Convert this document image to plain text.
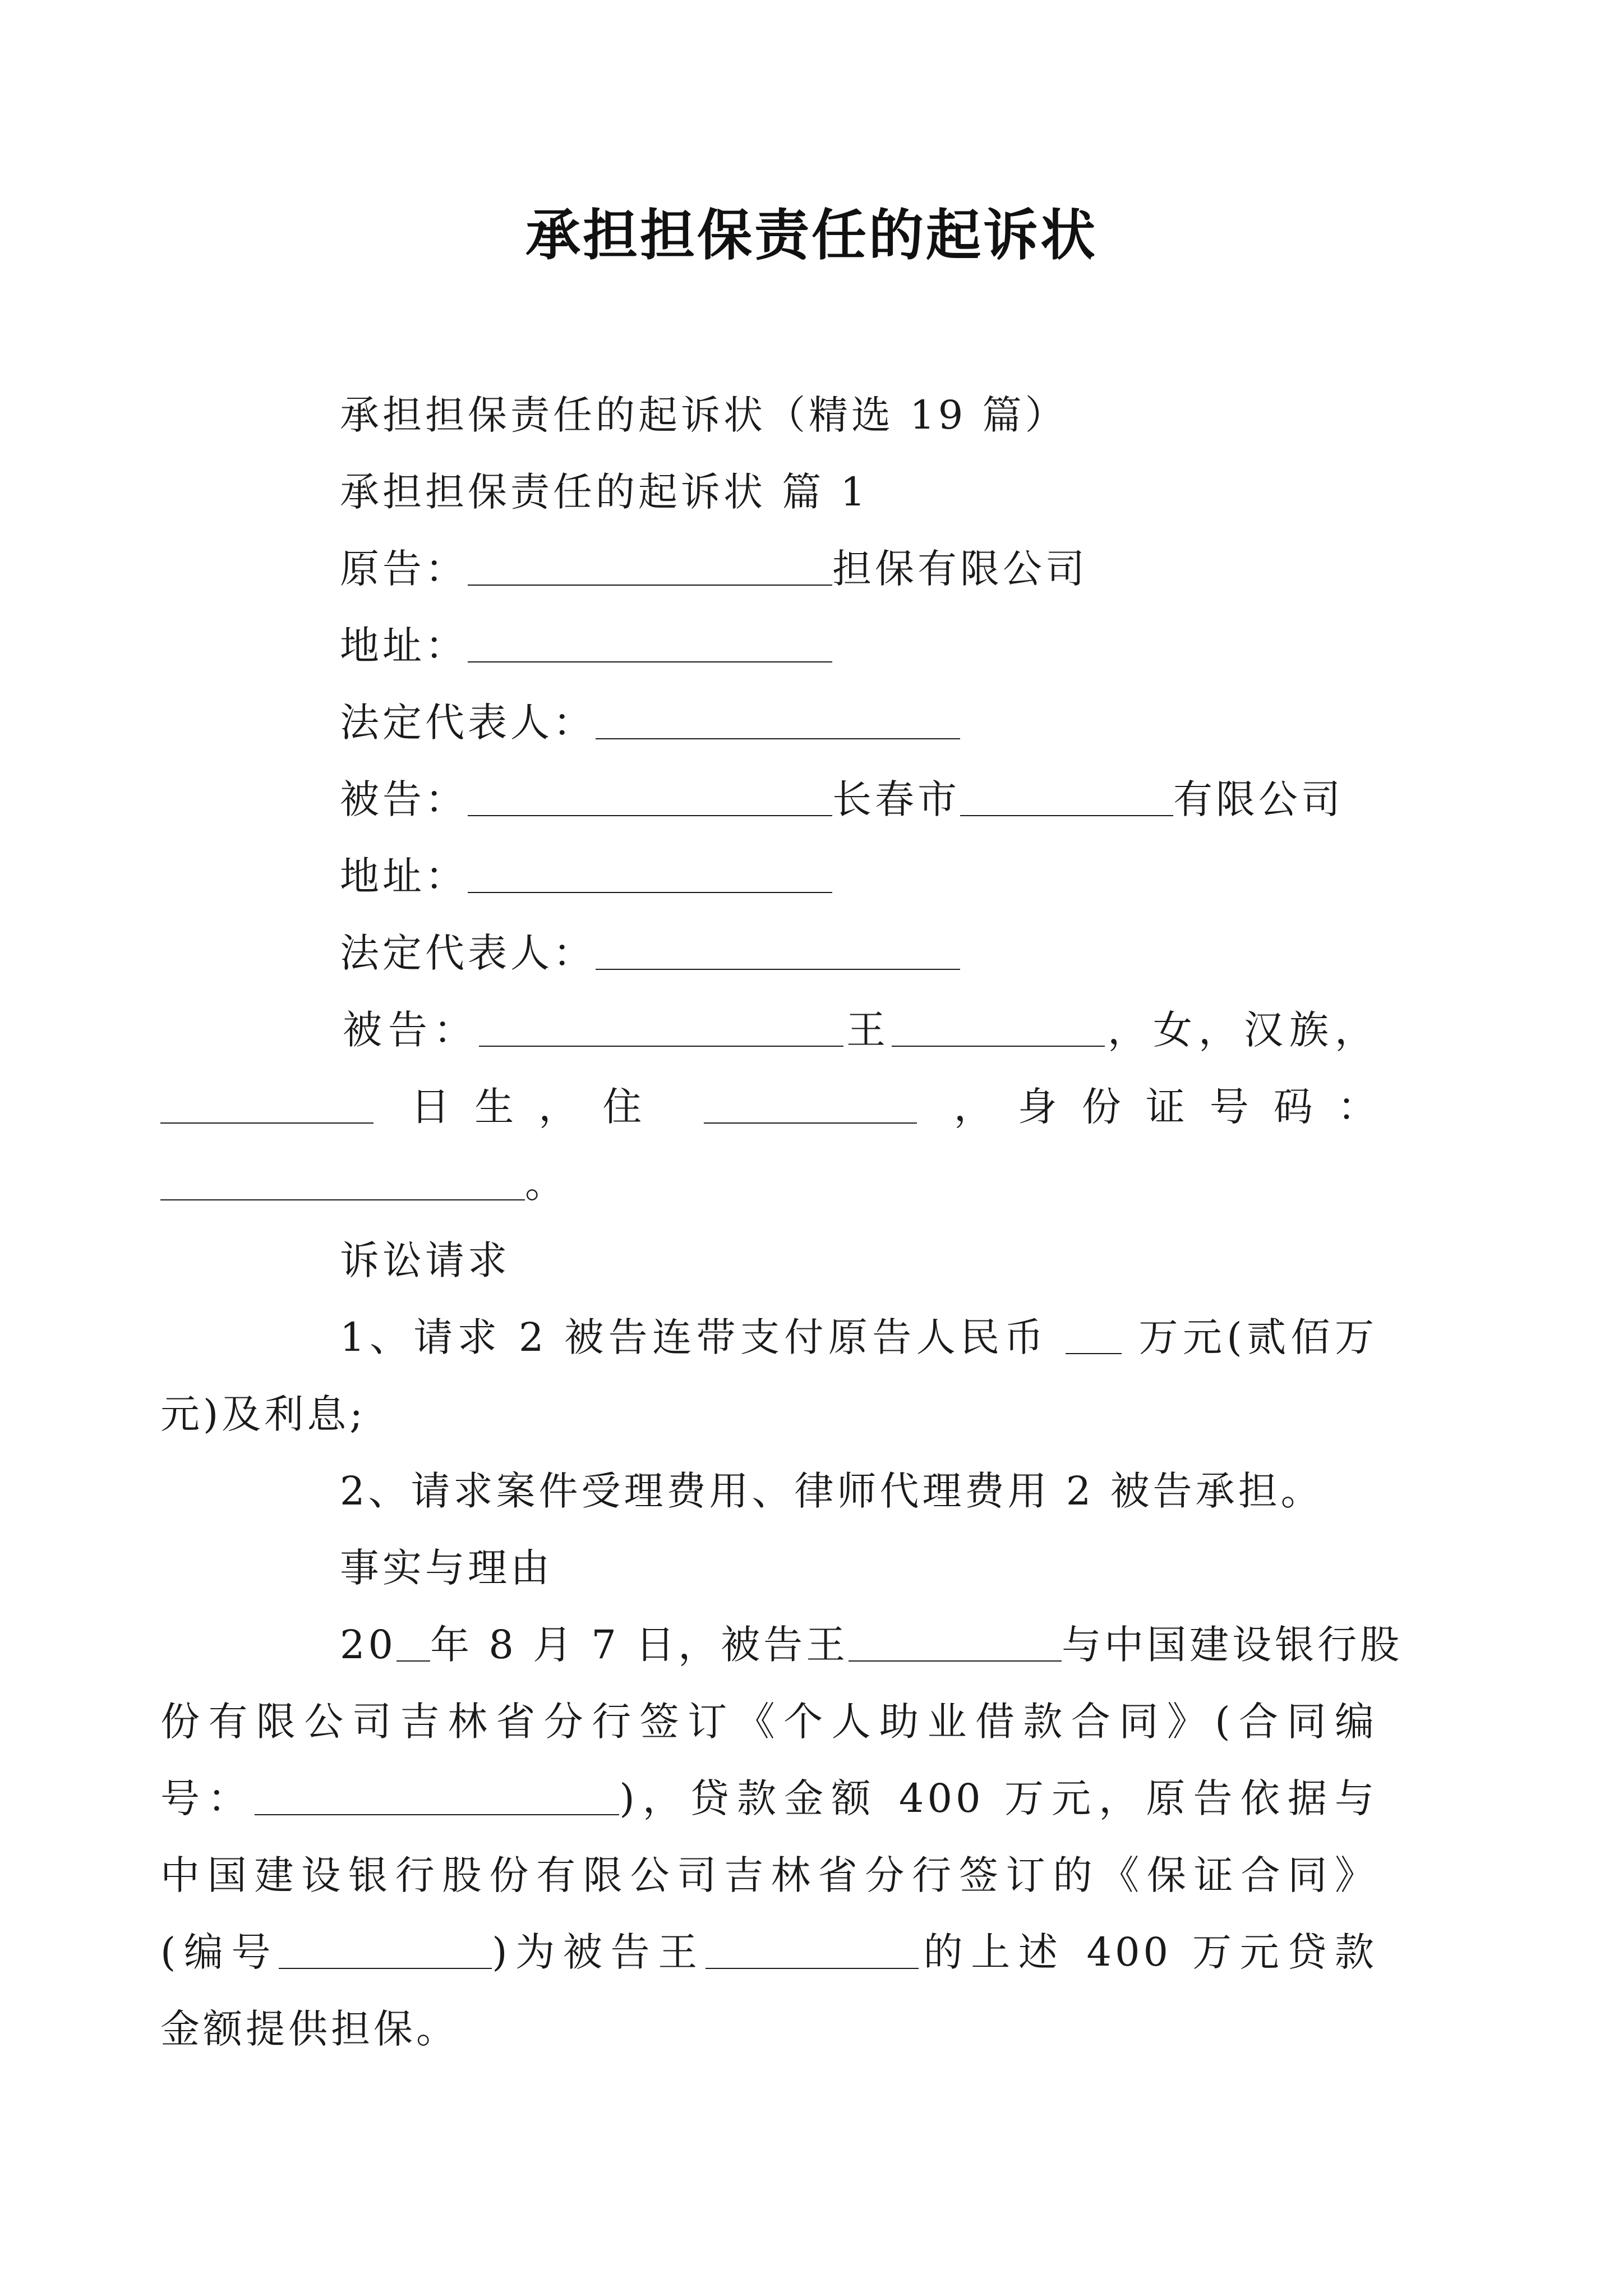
承担担保责任的起诉状

承担担保责任的起诉状（精选 19 篇）

承担担保责任的起诉状 篇 1

原告：	担保有限公司

地址：

法定代表人：

被告：	长春市	有限公司

地址：

法定代表人：

被告：	王	，女，汉族，

日生，住	，身份证号码：

。

诉讼请求

1、请求 2 被告连带支付原告人民币 万元(贰佰万

元)及利息;

2、请求案件受理费用、律师代理费用 2 被告承担。

事实与理由

20 年 8 月 7 日，被告王	与中国建设银行股

份有限公司吉林省分行签订《个人助业借款合同》(合同编

号：	)，贷款金额 400 万元，原告依据与

中国建设银行股份有限公司吉林省分行签订的《保证合同》

(编号	)为被告王	的上述 400 万元贷款

金额提供担保。
